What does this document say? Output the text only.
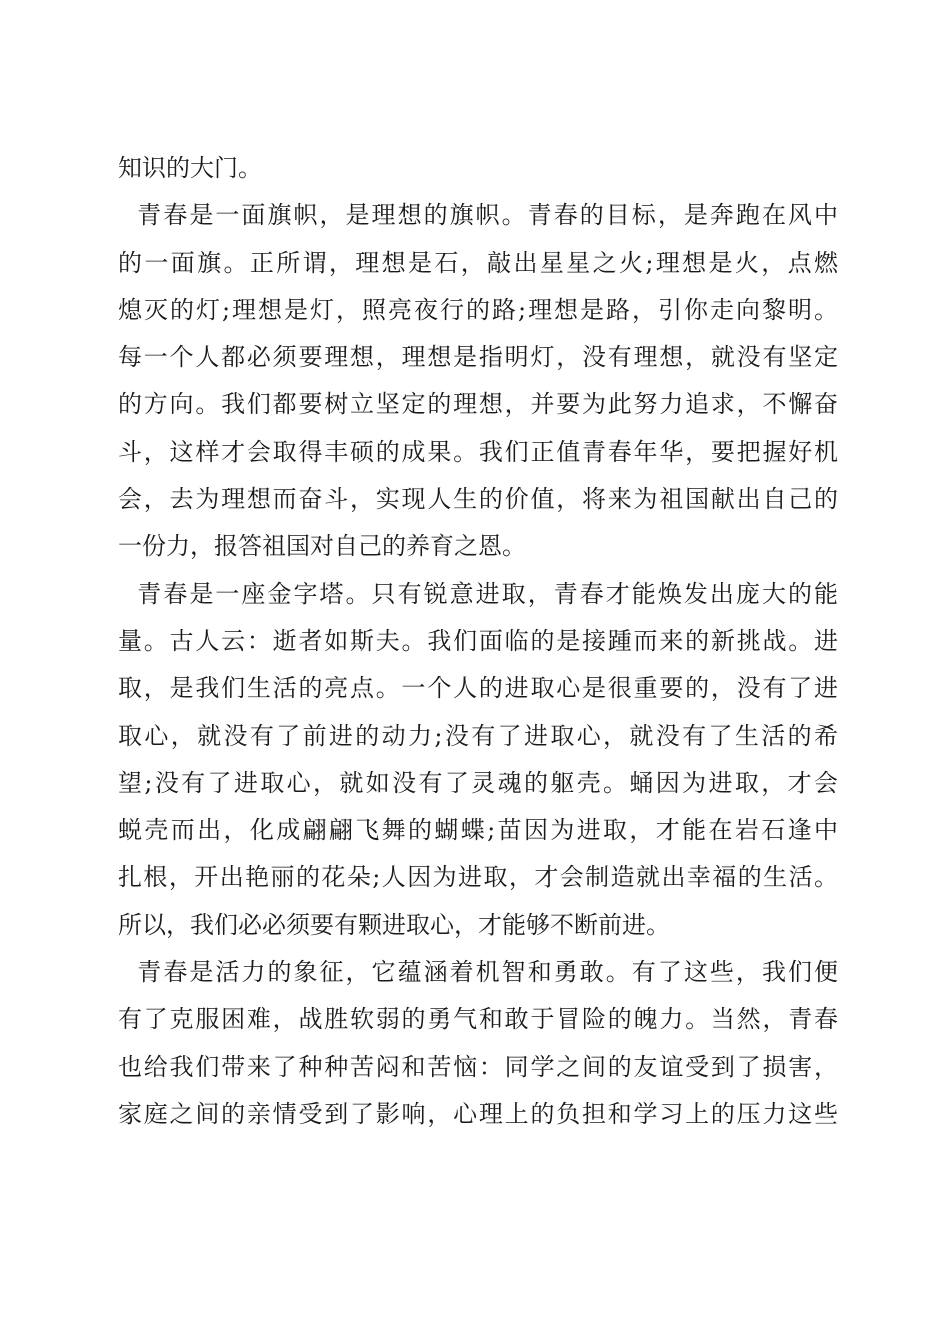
知识的大门。
青春是一面旗帜，是理想的旗帜。青春的目标，是奔跑在风中
的一面旗。正所谓，理想是石，敲出星星之火;理想是火，点燃
熄灭的灯;理想是灯，照亮夜行的路;理想是路，引你走向黎明。
每一个人都必须要理想，理想是指明灯，没有理想，就没有坚定
的方向。我们都要树立坚定的理想，并要为此努力追求，不懈奋
斗，这样才会取得丰硕的成果。我们正值青春年华，要把握好机
会，去为理想而奋斗，实现人生的价值，将来为祖国献出自己的
一份力，报答祖国对自己的养育之恩。
青春是一座金字塔。只有锐意进取，青春才能焕发出庞大的能
量。古人云：逝者如斯夫。我们面临的是接踵而来的新挑战。进
取，是我们生活的亮点。一个人的进取心是很重要的，没有了进
取心，就没有了前进的动力;没有了进取心，就没有了生活的希
望;没有了进取心，就如没有了灵魂的躯壳。蛹因为进取，才会
蜕壳而出，化成翩翩飞舞的蝴蝶;苗因为进取，才能在岩石逢中
扎根，开出艳丽的花朵;人因为进取，才会制造就出幸福的生活。
所以，我们必必须要有颗进取心，才能够不断前进。
青春是活力的象征，它蕴涵着机智和勇敢。有了这些，我们便
有了克服困难，战胜软弱的勇气和敢于冒险的魄力。当然，青春
也给我们带来了种种苦闷和苦恼：同学之间的友谊受到了损害，
家庭之间的亲情受到了影响，心理上的负担和学习上的压力这些
